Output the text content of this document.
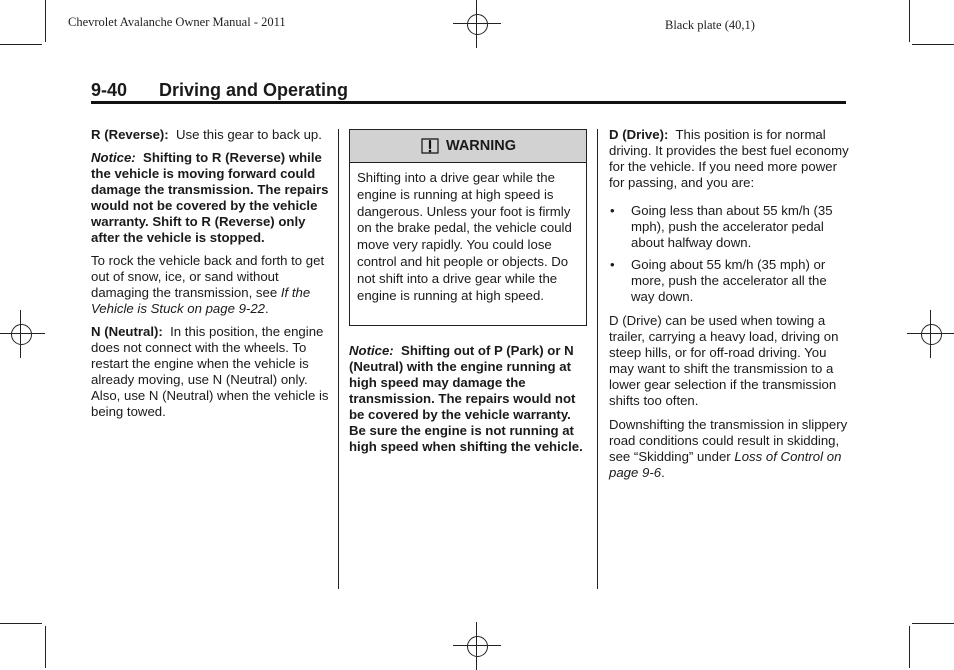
Chevrolet Avalanche Owner Manual - 2011	Black plate (40,1)
9-40 Driving and Operating

R (Reverse): Use this gear to back up.

Notice: Shifting to R (Reverse) while the vehicle is moving forward could damage the transmission. The repairs would not be covered by the vehicle warranty. Shift to R (Reverse) only after the vehicle is stopped.

To rock the vehicle back and forth to get out of snow, ice, or sand without damaging the transmission, see If the Vehicle is Stuck on page 9-22.

N (Neutral): In this position, the engine does not connect with the wheels. To restart the engine when the vehicle is already moving, use N (Neutral) only. Also, use N (Neutral) when the vehicle is being towed.

WARNING
Shifting into a drive gear while the engine is running at high speed is dangerous. Unless your foot is firmly on the brake pedal, the vehicle could move very rapidly. You could lose control and hit people or objects. Do not shift into a drive gear while the engine is running at high speed.

Notice: Shifting out of P (Park) or N (Neutral) with the engine running at high speed may damage the transmission. The repairs would not be covered by the vehicle warranty. Be sure the engine is not running at high speed when shifting the vehicle.

D (Drive): This position is for normal driving. It provides the best fuel economy for the vehicle. If you need more power for passing, and you are:

• Going less than about 55 km/h (35 mph), push the accelerator pedal about halfway down.
• Going about 55 km/h (35 mph) or more, push the accelerator all the way down.

D (Drive) can be used when towing a trailer, carrying a heavy load, driving on steep hills, or for off-road driving. You may want to shift the transmission to a lower gear selection if the transmission shifts too often.

Downshifting the transmission in slippery road conditions could result in skidding, see “Skidding” under Loss of Control on page 9-6.
